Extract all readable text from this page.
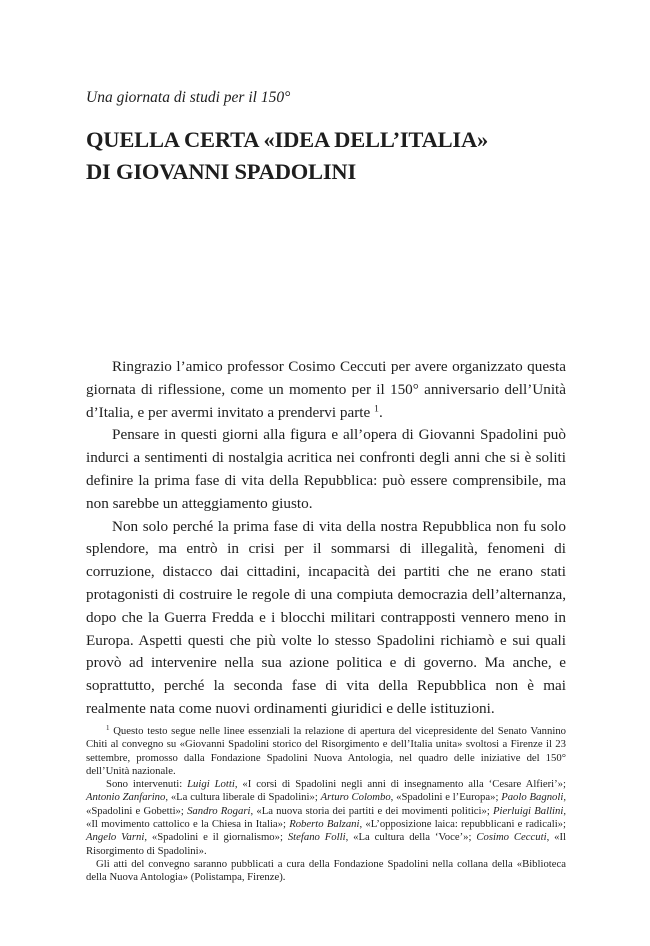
Una giornata di studi per il 150°

QUELLA CERTA «IDEA DELL’ITALIA»
DI GIOVANNI SPADOLINI

Ringrazio l’amico professor Cosimo Ceccuti per avere organizzato questa giornata di riflessione, come un momento per il 150° anniversario dell’Unità d’Italia, e per avermi invitato a prendervi parte $^1$.

Pensare in questi giorni alla figura e all’opera di Giovanni Spadolini può indurci a sentimenti di nostalgia acritica nei confronti degli anni che si è soliti definire la prima fase di vita della Repubblica: può essere comprensibile, ma non sarebbe un atteggiamento giusto.

Non solo perché la prima fase di vita della nostra Repubblica non fu solo splendore, ma entrò in crisi per il sommarsi di illegalità, fenomeni di corruzione, distacco dai cittadini, incapacità dei partiti che ne erano stati protagonisti di costruire le regole di una compiuta democrazia dell’alternanza, dopo che la Guerra Fredda e i blocchi militari contrapposti vennero meno in Europa. Aspetti questi che più volte lo stesso Spadolini richiamò e sui quali provò ad intervenire nella sua azione politica e di governo. Ma anche, e soprattutto, perché la seconda fase di vita della Repubblica non è mai realmente nata come nuovi ordinamenti giuridici e delle istituzioni.

$^1$ Questo testo segue nelle linee essenziali la relazione di apertura del vicepresidente del Senato Vannino Chiti al convegno su «Giovanni Spadolini storico del Risorgimento e dell’Italia unita» svoltosi a Firenze il 23 settembre, promosso dalla Fondazione Spadolini Nuova Antologia, nel quadro delle iniziative del 150° dell’Unità nazionale.

Sono intervenuti: Luigi Lotti, «I corsi di Spadolini negli anni di insegnamento alla ‘Cesare Alfieri’»; Antonio Zanfarino, «La cultura liberale di Spadolini»; Arturo Colombo, «Spadolini e l’Europa»; Paolo Bagnoli, «Spadolini e Gobetti»; Sandro Rogari, «La nuova storia dei partiti e dei movimenti politici»; Pierluigi Ballini, «Il movimento cattolico e la Chiesa in Italia»; Roberto Balzani, «L’opposizione laica: repubblicani e radicali»; Angelo Varni, «Spadolini e il giornalismo»; Stefano Folli, «La cultura della ‘Voce’»; Cosimo Ceccuti, «Il Risorgimento di Spadolini».

Gli atti del convegno saranno pubblicati a cura della Fondazione Spadolini nella collana della «Biblioteca della Nuova Antologia» (Polistampa, Firenze).
